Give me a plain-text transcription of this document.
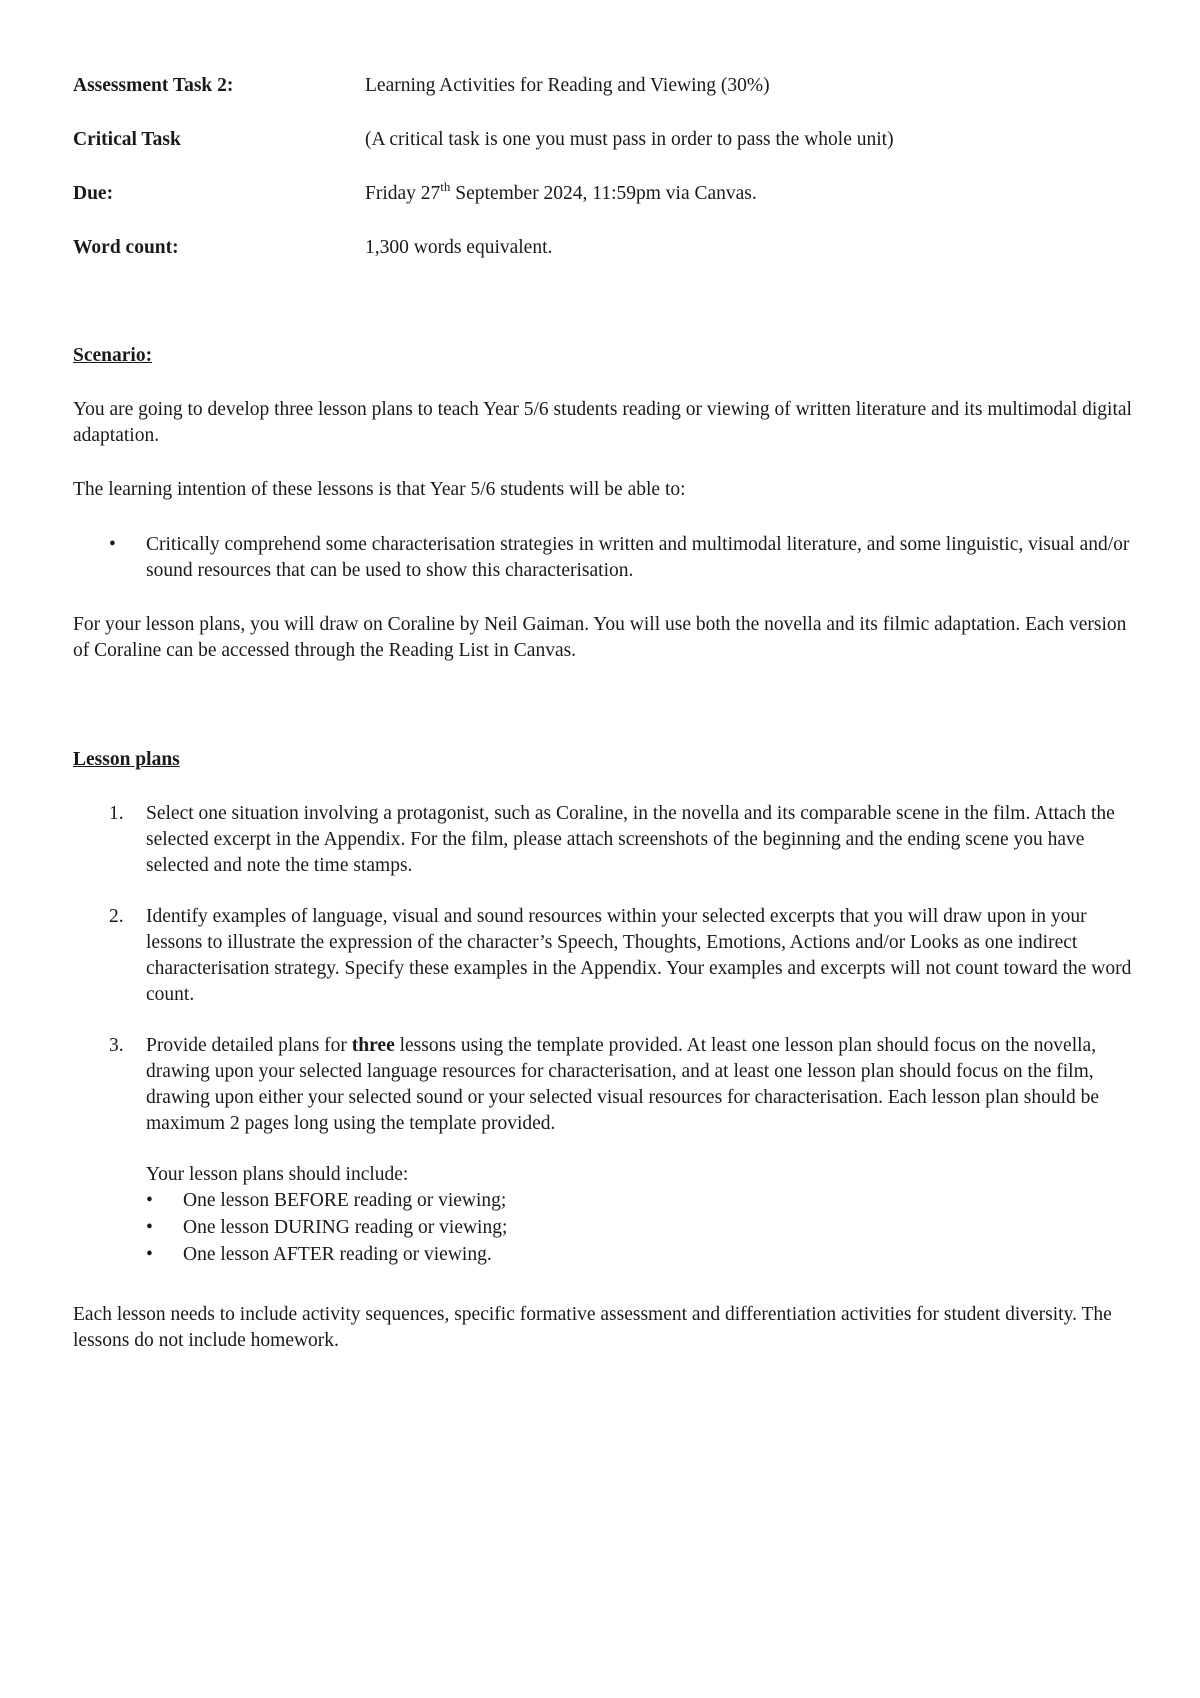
Assessment Task 2:	Learning Activities for Reading and Viewing (30%)
Critical Task	(A critical task is one you must pass in order to pass the whole unit)
Due:	Friday 27th September 2024, 11:59pm via Canvas.
Word count:	1,300 words equivalent.
Scenario:

You are going to develop three lesson plans to teach Year 5/6 students reading or viewing of written literature and its multimodal digital adaptation.

The learning intention of these lessons is that Year 5/6 students will be able to:

• Critically comprehend some characterisation strategies in written and multimodal literature, and some linguistic, visual and/or sound resources that can be used to show this characterisation.

For your lesson plans, you will draw on Coraline by Neil Gaiman. You will use both the novella and its filmic adaptation. Each version of Coraline can be accessed through the Reading List in Canvas.

Lesson plans
1. Select one situation involving a protagonist, such as Coraline, in the novella and its comparable scene in the film. Attach the selected excerpt in the Appendix. For the film, please attach screenshots of the beginning and the ending scene you have selected and note the time stamps.
2. Identify examples of language, visual and sound resources within your selected excerpts that you will draw upon in your lessons to illustrate the expression of the character’s Speech, Thoughts, Emotions, Actions and/or Looks as one indirect characterisation strategy. Specify these examples in the Appendix. Your examples and excerpts will not count toward the word count.
3. Provide detailed plans for three lessons using the template provided. At least one lesson plan should focus on the novella, drawing upon your selected language resources for characterisation, and at least one lesson plan should focus on the film, drawing upon either your selected sound or your selected visual resources for characterisation. Each lesson plan should be maximum 2 pages long using the template provided.
Your lesson plans should include:
• One lesson BEFORE reading or viewing;
• One lesson DURING reading or viewing;
• One lesson AFTER reading or viewing.

Each lesson needs to include activity sequences, specific formative assessment and differentiation activities for student diversity. The lessons do not include homework.
